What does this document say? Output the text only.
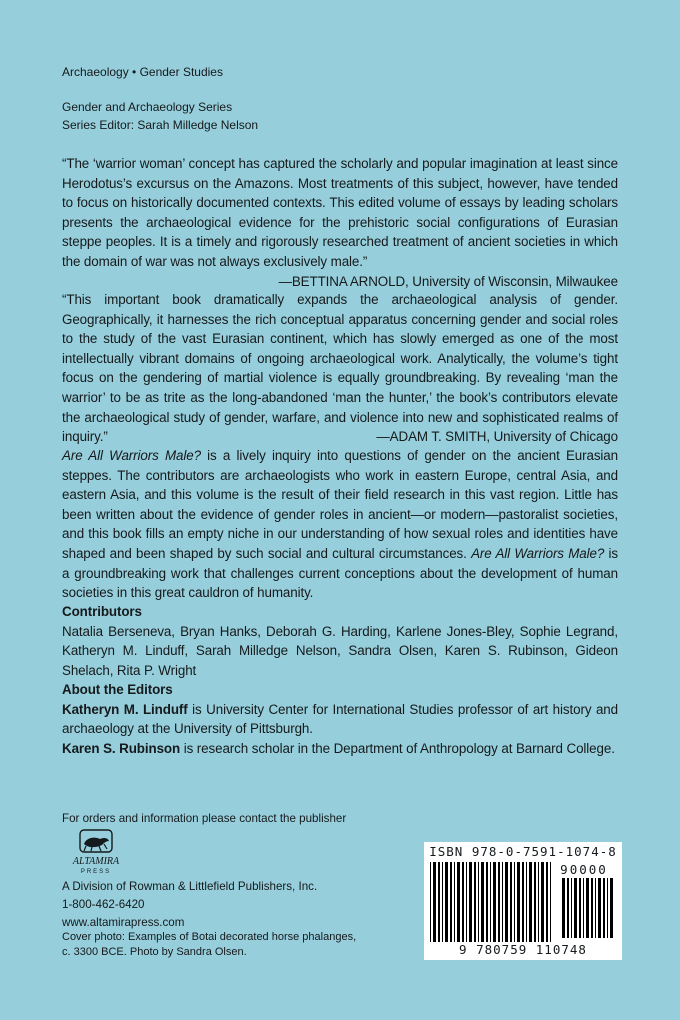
Archaeology • Gender Studies
Gender and Archaeology Series
Series Editor: Sarah Milledge Nelson
“The ‘warrior woman’ concept has captured the scholarly and popular imagination at least since Herodotus’s excursus on the Amazons. Most treatments of this subject, however, have tended to focus on historically documented contexts. This edited volume of essays by leading scholars presents the archaeological evidence for the prehistoric social configurations of Eurasian steppe peoples. It is a timely and rigorously researched treatment of ancient societies in which the domain of war was not always exclusively male.”
—BETTINA ARNOLD, University of Wisconsin, Milwaukee
“This important book dramatically expands the archaeological analysis of gender. Geographically, it harnesses the rich conceptual apparatus concerning gender and social roles to the study of the vast Eurasian continent, which has slowly emerged as one of the most intellectually vibrant domains of ongoing archaeological work. Analytically, the volume’s tight focus on the gendering of martial violence is equally groundbreaking. By revealing ‘man the warrior’ to be as trite as the long-abandoned ‘man the hunter,’ the book’s contributors elevate the archaeological study of gender, warfare, and violence into new and sophisticated realms of inquiry.”	—ADAM T. SMITH, University of Chicago
Are All Warriors Male? is a lively inquiry into questions of gender on the ancient Eurasian steppes. The contributors are archaeologists who work in eastern Europe, central Asia, and eastern Asia, and this volume is the result of their field research in this vast region. Little has been written about the evidence of gender roles in ancient—or modern—pastoralist societies, and this book fills an empty niche in our understanding of how sexual roles and identities have shaped and been shaped by such social and cultural circumstances. Are All Warriors Male? is a groundbreaking work that challenges current conceptions about the development of human societies in this great cauldron of humanity.
Contributors
Natalia Berseneva, Bryan Hanks, Deborah G. Harding, Karlene Jones-Bley, Sophie Legrand, Katheryn M. Linduff, Sarah Milledge Nelson, Sandra Olsen, Karen S. Rubinson, Gideon Shelach, Rita P. Wright
About the Editors
Katheryn M. Linduff is University Center for International Studies professor of art history and archaeology at the University of Pittsburgh.
Karen S. Rubinson is research scholar in the Department of Anthropology at Barnard College.
For orders and information please contact the publisher
ALTAMIRA
PRESS
A Division of Rowman & Littlefield Publishers, Inc.
1-800-462-6420
www.altamirapress.com
Cover photo: Examples of Botai decorated horse phalanges,
c. 3300 BCE. Photo by Sandra Olsen.
ISBN 978-0-7591-1074-8
90000
9 780759 110748
